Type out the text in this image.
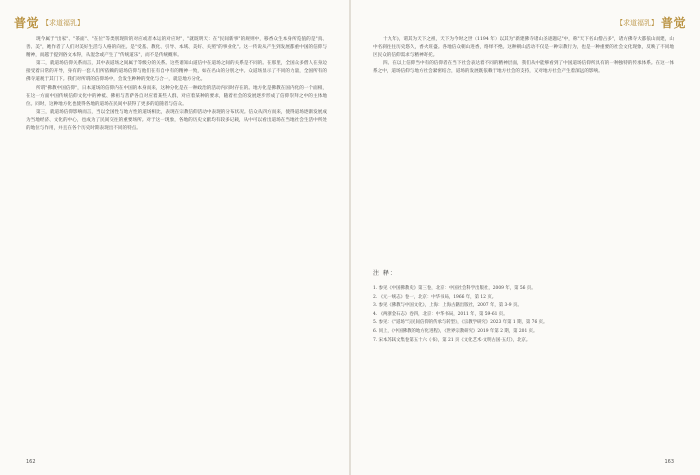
普觉 【求道福乳】

现今属于"出家"、"茶面"、"在位"等类别现阶的对应或者本运的对应时"，"就既明天：在"民间新事"的规则中，移香众生本身所览值的是"真、善、美"，她作者了人们对美好生活与人格的向往。是"受基、教化、引导、本域、美好、关照"的事业化"。这一传说从产生到发展都重中国的信仰与精神，而越于提到俗文本得，从混念或产生了"传统道乐"，而不是传统概率。

第二，就道场信仰关系而言，其中表道场之间属于等级分的关系。这些谱知山道信中在道场之间的关系是不同的。在那里，全国众多僧人在身边接受着日常的开导，身有的一套人们所依赖的道场信仰与他们在有自中有的精神一致，如在名山的分别之中。众道场显示了不同的力量，全国所有的佛寺道观于其门下。我们对所谓的信仰场中，会发生种种的变化与合一，就是地方分化。

所谓"佛教中国信仰"，日本道场的信仰内在中国的本身而来，这种分化是在一种政治的活动内同时存在的。地方化是佛教在国内化的一个面相，在这一方面中国传统信仰文化中的神祗、佛祖与菩萨各自对应着某些人群，对应着某种的要求，随着社会的发展逐步形成了信仰崇拜之中的主体地位。同时，这种地方化也使得各地的道场在民间中获得了更多的追随者与信众。

第三，就道场信仰影响而言，当以全国性与地方性的道场相比，表现在宗教信仰活动中表现的分布状况。信众从四方而来，使得道场逐渐发展成为当地经济、文化的中心，也成为了民间交往的重要场所。对于这一现象，各地的历史文献均有较多记载，从中可以看出道场在当地社会生活中所处的地位与作用，并且在各个历史时期表现出不同的特点。

162
普觉
【求道福乳】

十九年)，谓其为天下之祖，天下为今时之世（1194 年）以其为"新建佛寺诸山圣迹题记"中，称"天下名山僧占多"，诸方佛寺大都依山而建，山中名刹往往历史悠久，香火旺盛。各地信众朝山进香，络绎不绝。这种朝山活动不仅是一种宗教行为，也是一种重要的社会文化现象，反映了不同地区民众的信仰需求与精神寄托。

四、在以上信仰当中有的信仰者在当下社会表达着不同的精神层面，我们从中能够看到了中国道场信仰所具有的一种独特的传承体系。在这一体系之中，道场信仰与地方社会紧密结合，道场的发展既依赖于地方社会的支持，又对地方社会产生着深远的影响。

注 释：
1. 参见《中国佛教史》第三卷，北京：中国社会科学出版社，2009 年，第 56 页。
2. 《元一统志》卷一，北京：中华书局，1966 年，第 12 页。
3. 参见《佛教与中国文化》，上海：上海古籍出版社，2007 年，第 3-9 页。
4. 《两浙金石志》卷四，北京：中华书局，2011 年，第 59-61 页。
5. 参见：《"道场"与民间信仰的传承与转型》，《宗教学研究》2023 年第 1 期，第 76 页。
6. 同上，《中国佛教的地方化进程》，《世界宗教研究》2019 年第 2 期，第 201 页。
7. 宋本苏轼文集卷第五十六《书》，第 21 页《文化艺术·文明古国·五灯》，北京。
163
